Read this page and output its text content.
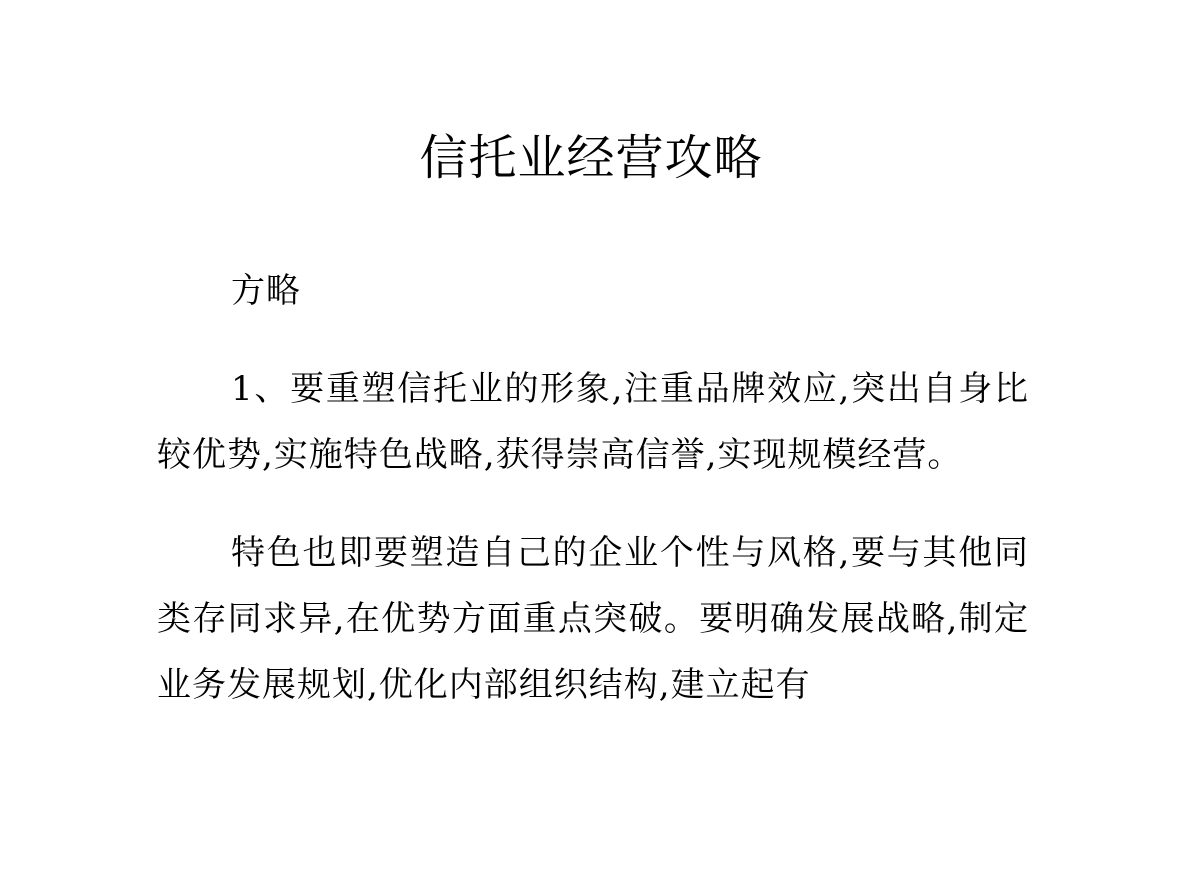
信托业经营攻略

方略

1、要重塑信托业的形象,注重品牌效应,突出自身比较优势,实施特色战略,获得崇高信誉,实现规模经营。

特色也即要塑造自己的企业个性与风格,要与其他同类存同求异,在优势方面重点突破。要明确发展战略,制定业务发展规划,优化内部组织结构,建立起有
